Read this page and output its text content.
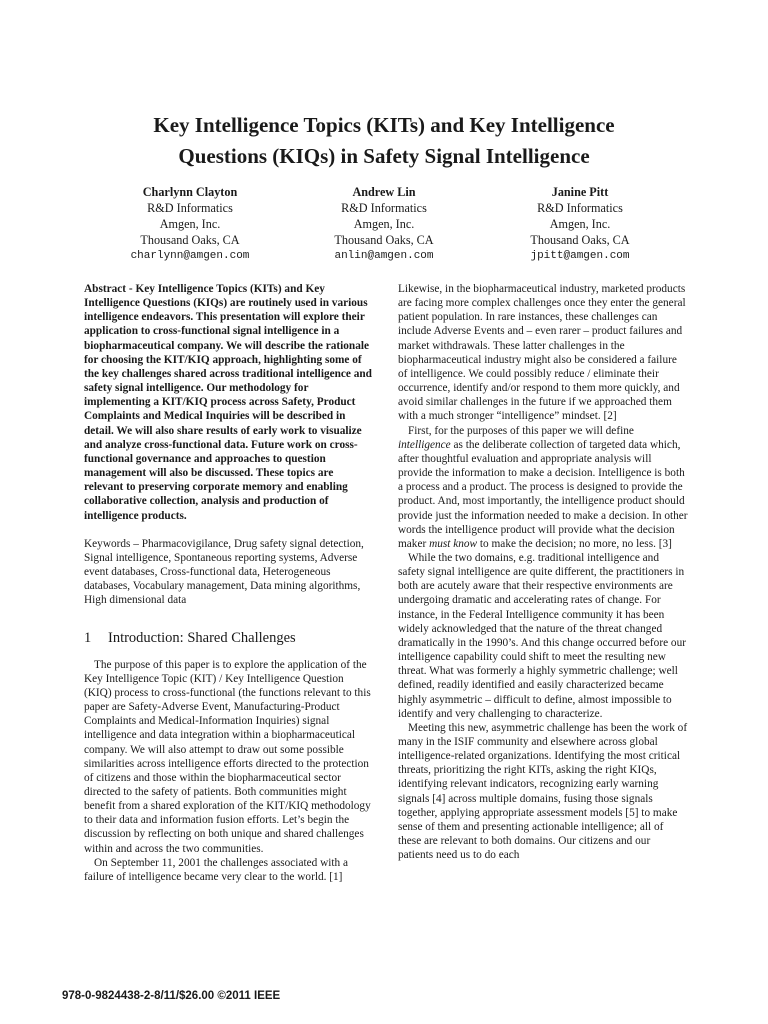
Key Intelligence Topics (KITs) and Key Intelligence
Questions (KIQs) in Safety Signal Intelligence
Charlynn Clayton
R&D Informatics
Amgen, Inc.
Thousand Oaks, CA
charlynn@amgen.com
Andrew Lin
R&D Informatics
Amgen, Inc.
Thousand Oaks, CA
anlin@amgen.com
Janine Pitt
R&D Informatics
Amgen, Inc.
Thousand Oaks, CA
jpitt@amgen.com

Abstract - Key Intelligence Topics (KITs) and Key Intelligence Questions (KIQs) are routinely used in various intelligence endeavors. This presentation will explore their application to cross-functional signal intelligence in a biopharmaceutical company. We will describe the rationale for choosing the KIT/KIQ approach, highlighting some of the key challenges shared across traditional intelligence and safety signal intelligence. Our methodology for implementing a KIT/KIQ process across Safety, Product Complaints and Medical Inquiries will be described in detail. We will also share results of early work to visualize and analyze cross-functional data. Future work on cross-functional governance and approaches to question management will also be discussed. These topics are relevant to preserving corporate memory and enabling collaborative collection, analysis and production of intelligence products.

Keywords – Pharmacovigilance, Drug safety signal detection, Signal intelligence, Spontaneous reporting systems, Adverse event databases, Cross-functional data, Heterogeneous databases, Vocabulary management, Data mining algorithms, High dimensional data

1 Introduction: Shared Challenges

The purpose of this paper is to explore the application of the Key Intelligence Topic (KIT) / Key Intelligence Question (KIQ) process to cross-functional (the functions relevant to this paper are Safety-Adverse Event, Manufacturing-Product Complaints and Medical-Information Inquiries) signal intelligence and data integration within a biopharmaceutical company. We will also attempt to draw out some possible similarities across intelligence efforts directed to the protection of citizens and those within the biopharmaceutical sector directed to the safety of patients. Both communities might benefit from a shared exploration of the KIT/KIQ methodology to their data and information fusion efforts. Let’s begin the discussion by reflecting on both unique and shared challenges within and across the two communities.

On September 11, 2001 the challenges associated with a failure of intelligence became very clear to the world. [1]

Likewise, in the biopharmaceutical industry, marketed products are facing more complex challenges once they enter the general patient population. In rare instances, these challenges can include Adverse Events and – even rarer – product failures and market withdrawals. These latter challenges in the biopharmaceutical industry might also be considered a failure of intelligence. We could possibly reduce / eliminate their occurrence, identify and/or respond to them more quickly, and avoid similar challenges in the future if we approached them with a much stronger “intelligence” mindset. [2]

First, for the purposes of this paper we will define intelligence as the deliberate collection of targeted data which, after thoughtful evaluation and appropriate analysis will provide the information to make a decision. Intelligence is both a process and a product. The process is designed to provide the product. And, most importantly, the intelligence product should provide just the information needed to make a decision. In other words the intelligence product will provide what the decision maker must know to make the decision; no more, no less. [3]

While the two domains, e.g. traditional intelligence and safety signal intelligence are quite different, the practitioners in both are acutely aware that their respective environments are undergoing dramatic and accelerating rates of change. For instance, in the Federal Intelligence community it has been widely acknowledged that the nature of the threat changed dramatically in the 1990’s. And this change occurred before our intelligence capability could shift to meet the resulting new threat. What was formerly a highly symmetric challenge; well defined, readily identified and easily characterized became highly asymmetric – difficult to define, almost impossible to identify and very challenging to characterize.

Meeting this new, asymmetric challenge has been the work of many in the ISIF community and elsewhere across global intelligence-related organizations. Identifying the most critical threats, prioritizing the right KITs, asking the right KIQs, identifying relevant indicators, recognizing early warning signals [4] across multiple domains, fusing those signals together, applying appropriate assessment models [5] to make sense of them and presenting actionable intelligence; all of these are relevant to both domains. Our citizens and our patients need us to do each

978-0-9824438-2-8/11/$26.00 ©2011 IEEE
